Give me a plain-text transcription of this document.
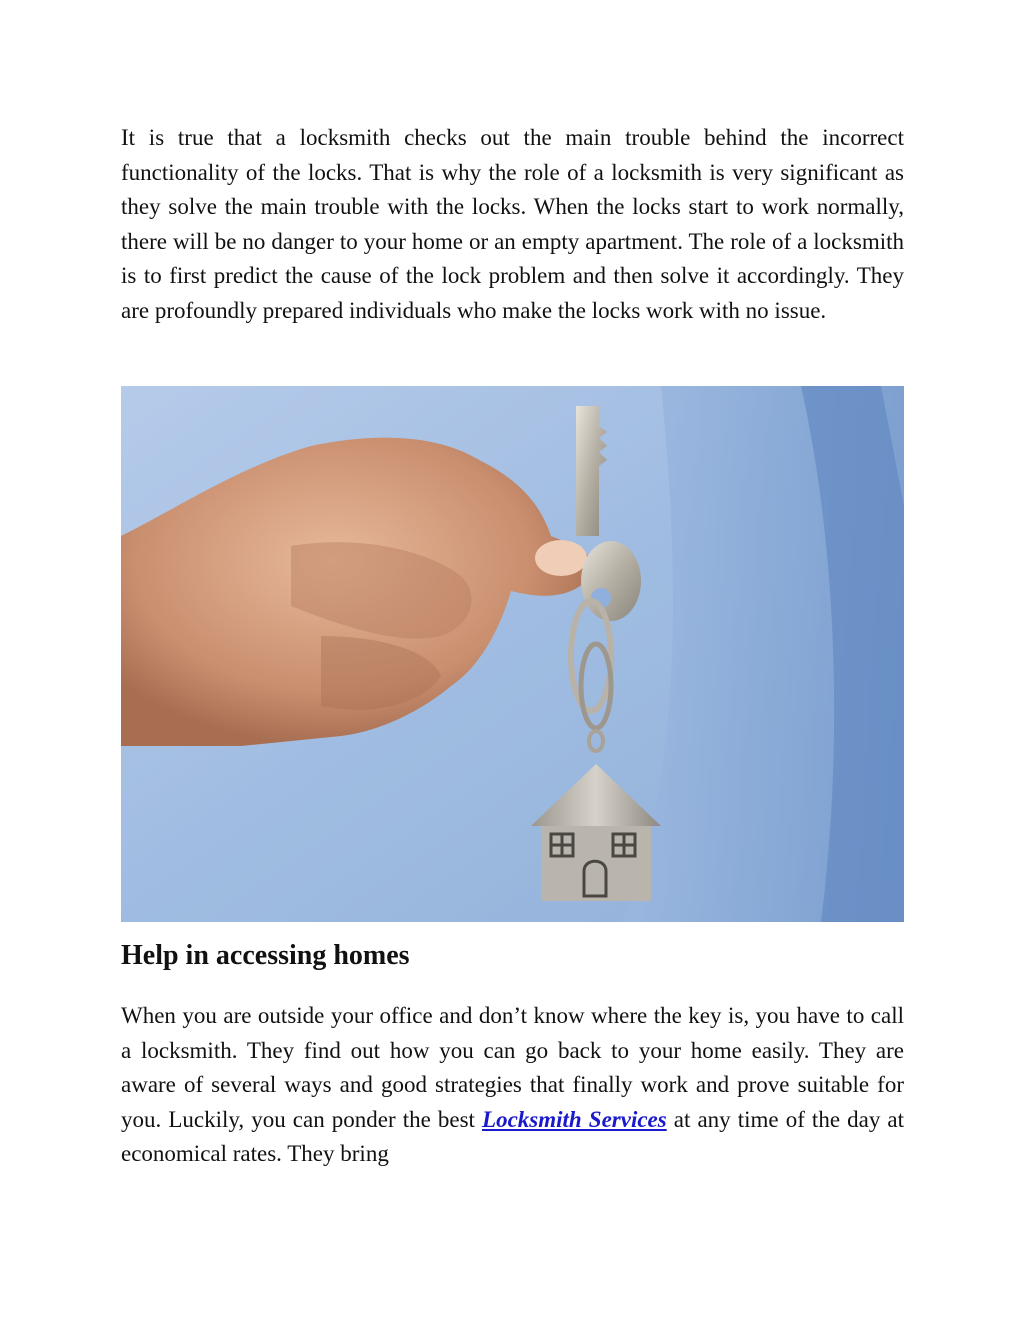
It is true that a locksmith checks out the main trouble behind the incorrect functionality of the locks. That is why the role of a locksmith is very significant as they solve the main trouble with the locks. When the locks start to work normally, there will be no danger to your home or an empty apartment. The role of a locksmith is to first predict the cause of the lock problem and then solve it accordingly. They are profoundly prepared individuals who make the locks work with no issue.

Help in accessing homes

When you are outside your office and don’t know where the key is, you have to call a locksmith. They find out how you can go back to your home easily. They are aware of several ways and good strategies that finally work and prove suitable for you. Luckily, you can ponder the best Locksmith Services at any time of the day at economical rates. They bring
